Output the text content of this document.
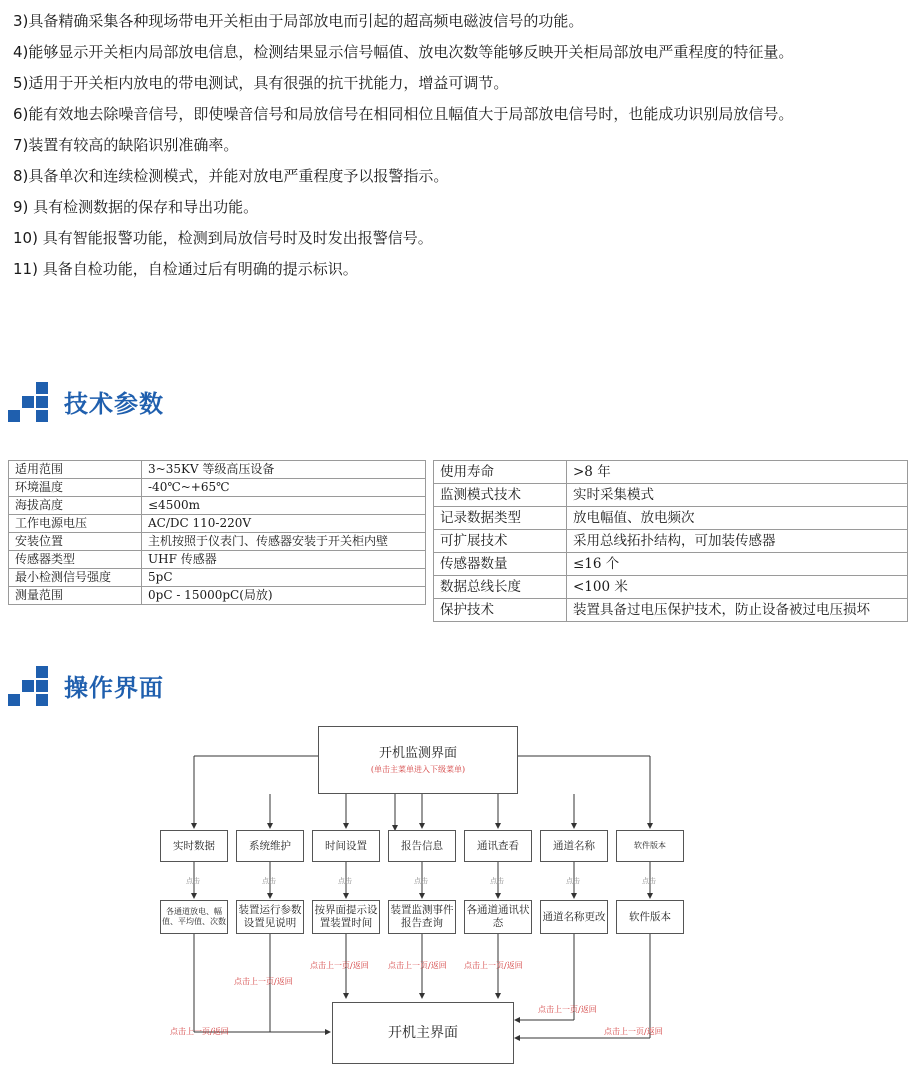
3)具备精确采集各种现场带电开关柜由于局部放电而引起的超高频电磁波信号的功能。

4)能够显示开关柜内局部放电信息，检测结果显示信号幅值、放电次数等能够反映开关柜局部放电严重程度的特征量。

5)适用于开关柜内放电的带电测试，具有很强的抗干扰能力，增益可调节。

6)能有效地去除噪音信号，即使噪音信号和局放信号在相同相位且幅值大于局部放电信号时，也能成功识别局放信号。

7)装置有较高的缺陷识别准确率。

8)具备单次和连续检测模式，并能对放电严重程度予以报警指示。

9) 具有检测数据的保存和导出功能。

10) 具有智能报警功能，检测到局放信号时及时发出报警信号。

11) 具备自检功能，自检通过后有明确的提示标识。

技术参数
适用范围	3~35KV 等级高压设备
环境温度	-40℃~+65℃
海拔高度	≤4500m
工作电源电压	AC/DC 110-220V
安装位置	主机按照于仪表门、传感器安装于开关柜内壁
传感器类型	UHF 传感器
最小检测信号强度	5pC
测量范围	0pC - 15000pC(局放)
使用寿命	>8 年
监测模式技术	实时采集模式
记录数据类型	放电幅值、放电频次
可扩展技术	采用总线拓扑结构，可加装传感器
传感器数量	≤16 个
数据总线长度	<100 米
保护技术	装置具备过电压保护技术，防止设备被过电压损坏
操作界面
开机监测界面
(单击主菜单进入下级菜单)
实时数据	系统维护	时间设置	报告信息	通讯查看	通道名称	软件版本
点击	点击	点击	点击	点击	点击	点击
各通道放电、幅值、平均值、次数
装置运行参数设置见说明
按界面提示设置装置时间
装置监测事件报告查询
各通道通讯状态
通道名称更改 软件版本
点击上一页/返回 点击上一页/返回 点击上一页/返回
点击上一页/返回
点击上一页/返回
点击上一页/返回	点击上一页/返回
开机主界面
